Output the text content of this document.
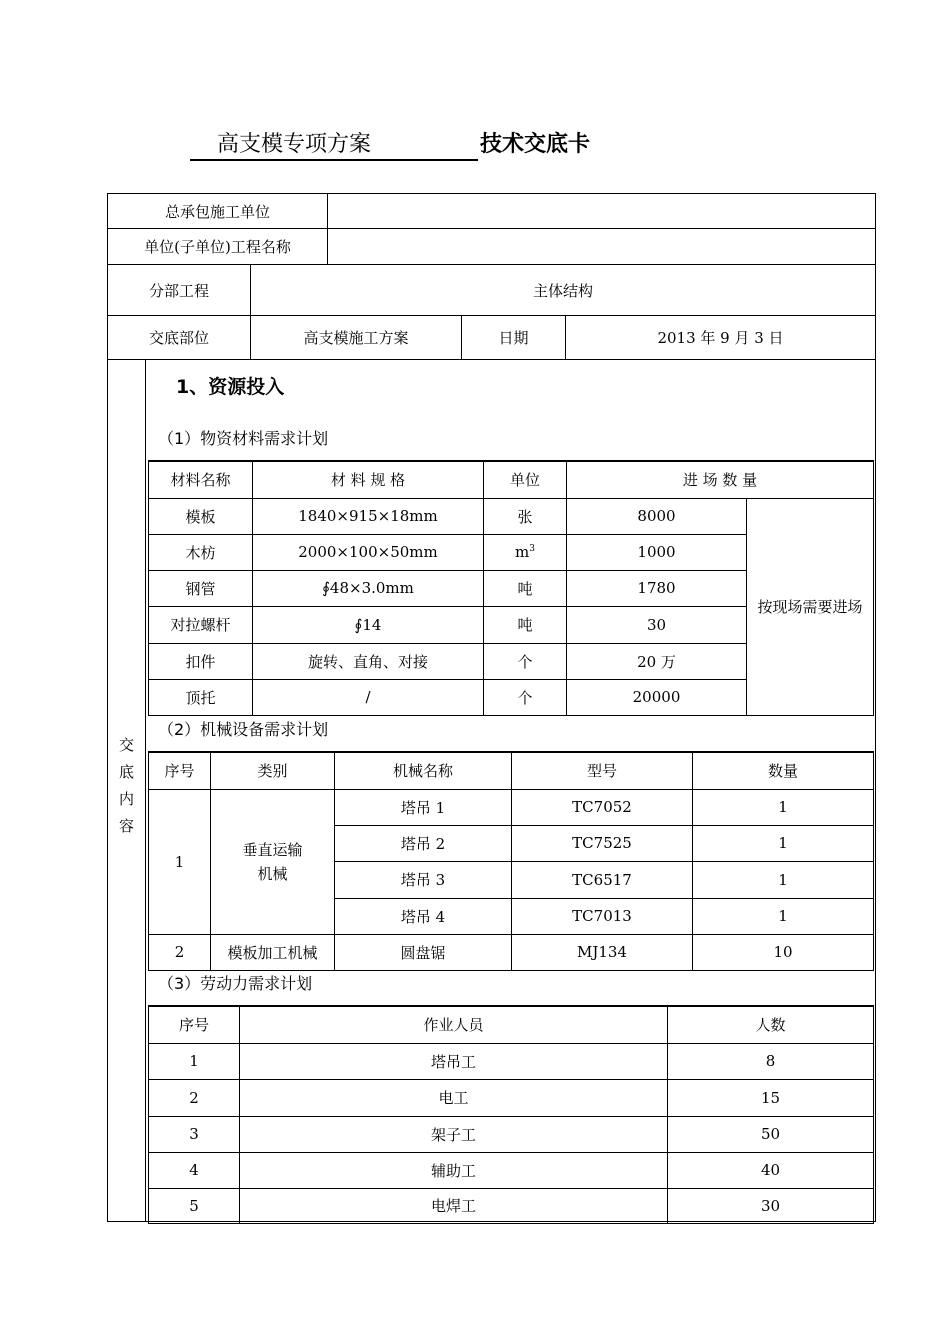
高支模专项方案	技术交底卡
总承包施工单位
单位(子单位)工程名称
分部工程	主体结构
交底部位	高支模施工方案	日期	2013 年 9 月 3 日
交底内容
1、资源投入
（1）物资材料需求计划
材料名称	材 料 规 格	单位	进 场 数 量	
模板	1840×915×18mm	张	8000	按现场需要进场
木枋	2000×100×50mm	$m^3$	1000	
钢管	∮48×3.0mm	吨	1780	
对拉螺杆	∮14	吨	30	
扣件	旋转、直角、对接	个	20 万	
顶托	/	个	20000	
（2）机械设备需求计划
序号	类别	机械名称	型号	数量
1	垂直运输机械	塔吊 1	TC7052	1
		塔吊 2	TC7525	1
		塔吊 3	TC6517	1
		塔吊 4	TC7013	1
2	模板加工机械	圆盘锯	MJ134	10
（3）劳动力需求计划
序号	作业人员	人数
1	塔吊工	8
2	电工	15
3	架子工	50
4	辅助工	40
5	电焊工	30
